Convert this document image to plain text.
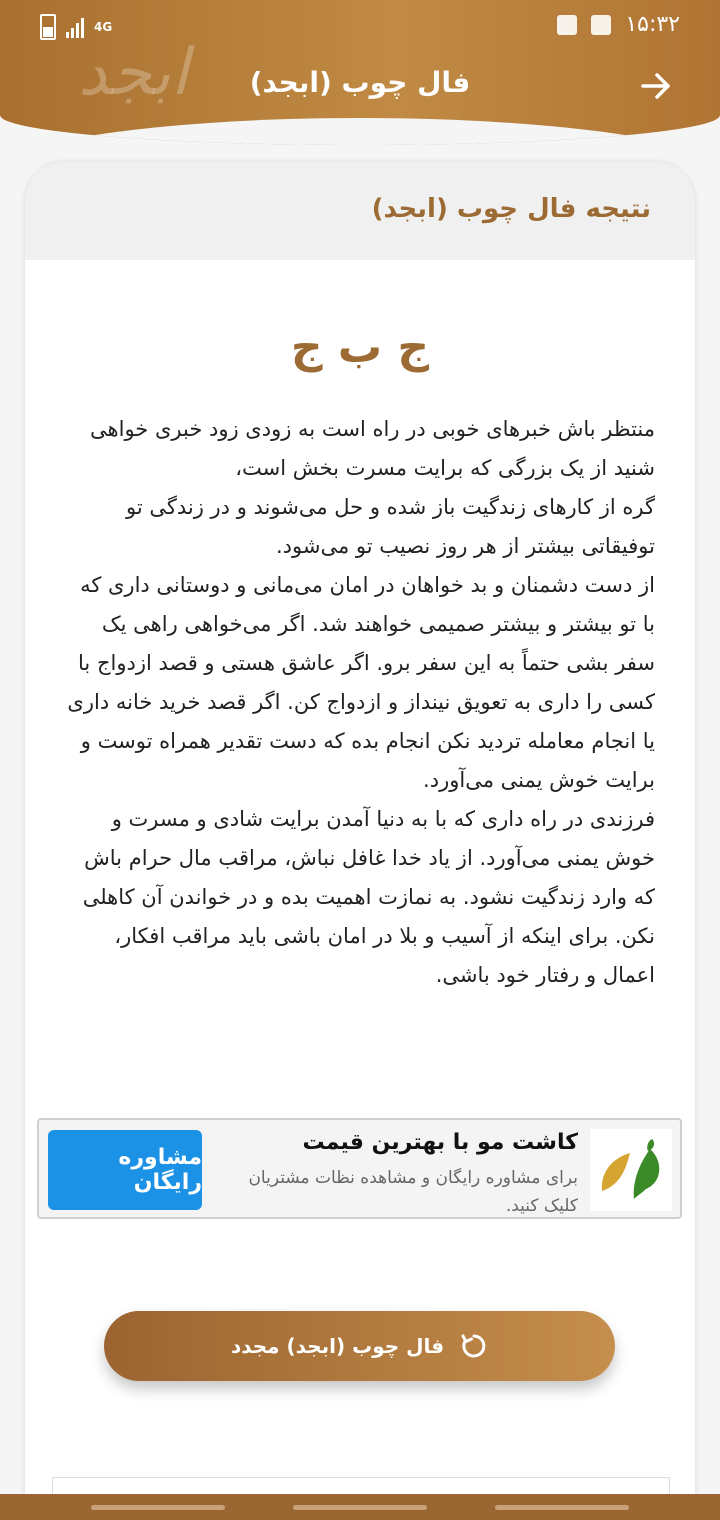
4G	۱۵:۳۲
ابجد	فال چوب (ابجد)
نتیجه فال چوب (ابجد)
ج ب ج
منتظر باش خبرهای خوبی در راه است به زودی زود خبری خواهی شنید از یک بزرگی که برایت مسرت بخش است،
گره از کارهای زندگیت باز شده و حل می‌شوند و در زندگی تو توفیقاتی بیشتر از هر روز نصیب تو می‌شود.
از دست دشمنان و بد خواهان در امان می‌مانی و دوستانی داری که با تو بیشتر و بیشتر صمیمی خواهند شد. اگر می‌خواهی راهی یک سفر بشی حتماً به این سفر برو. اگر عاشق هستی و قصد ازدواج با کسی را داری به تعویق نینداز و ازدواج کن. اگر قصد خرید خانه داری یا انجام معامله تردید نکن انجام بده که دست تقدیر همراه توست و برایت خوش یمنی می‌آورد.
فرزندی در راه داری که با به دنیا آمدن برایت شادی و مسرت و خوش یمنی می‌آورد. از یاد خدا غافل نباش، مراقب مال حرام باش که وارد زندگیت نشود. به نمازت اهمیت بده و در خواندن آن کاهلی نکن. برای اینکه از آسیب و بلا در امان باشی باید مراقب افکار، اعمال و رفتار خود باشی.
کاشت مو با بهترین قیمت
برای مشاوره رایگان و مشاهده نظات مشتریان کلیک کنید.
مشاوره رایگان
فال چوب (ابجد) مجدد
